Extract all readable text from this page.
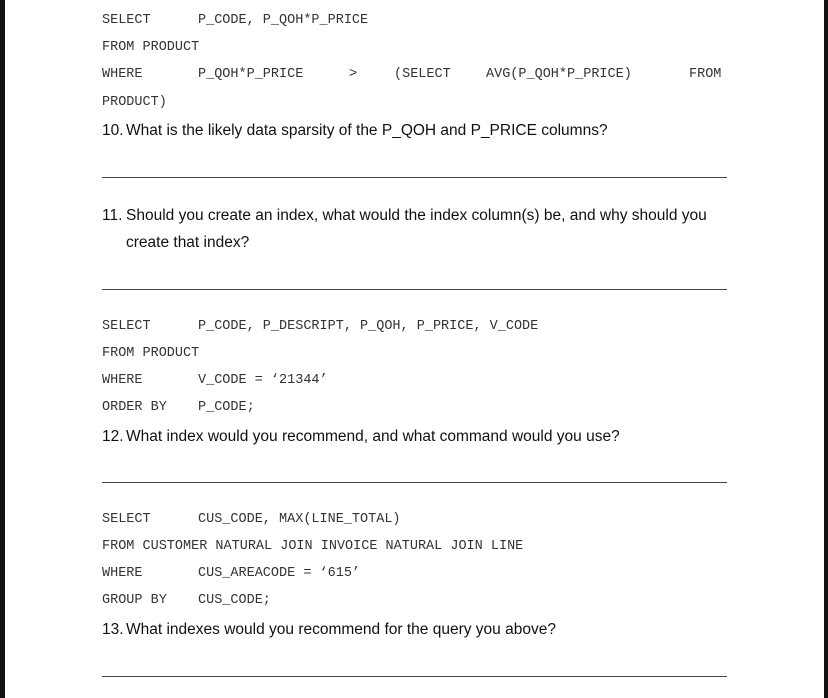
SELECT	P_CODE, P_QOH*P_PRICE
FROM PRODUCT
WHERE	P_QOH*P_PRICE	>	(SELECT	AVG(P_QOH*P_PRICE)	FROM
PRODUCT)
10. What is the likely data sparsity of the P_QOH and P_PRICE columns?
11. Should you create an index, what would the index column(s) be, and why should you
create that index?
SELECT	P_CODE, P_DESCRIPT, P_QOH, P_PRICE, V_CODE
FROM PRODUCT
WHERE	V_CODE = ‘21344’
ORDER BY P_CODE;
12. What index would you recommend, and what command would you use?
SELECT	CUS_CODE, MAX(LINE_TOTAL)
FROM CUSTOMER NATURAL JOIN INVOICE NATURAL JOIN LINE
WHERE	CUS_AREACODE = ‘615’
GROUP BY CUS_CODE;
13. What indexes would you recommend for the query you above?
